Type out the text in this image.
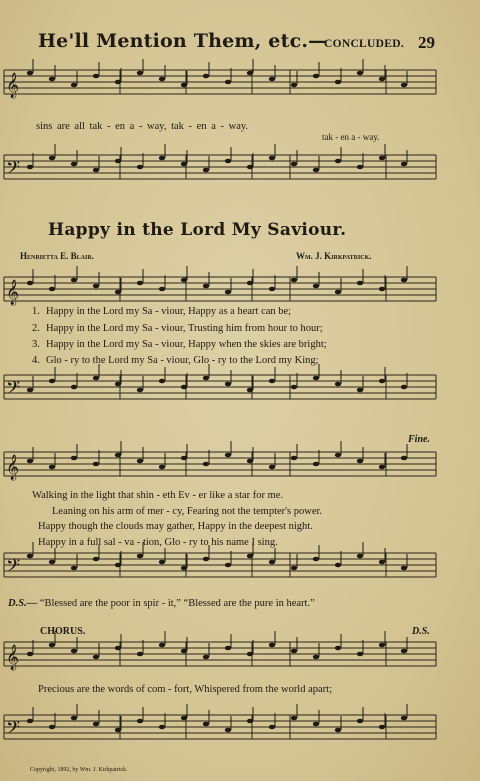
He'll Mention Them, etc.—
CONCLUDED. 29
𝄞
𝄢
𝄞
𝄢
𝄞
𝄢
𝄞
𝄢
sins are all tak - en a - way, tak - en a - way.
tak - en a - way.
Happy in the Lord My Saviour.
Henrietta E. Blair.	Wm. J. Kirkpatrick.
1. Happy in the Lord my Sa - viour, Happy as a heart can be;
2. Happy in the Lord my Sa - viour, Trusting him from hour to hour;
3. Happy in the Lord my Sa - viour, Happy when the skies are bright;
4. Glo - ry to the Lord my Sa - viour, Glo - ry to the Lord my King;
Fine.
Walking in the light that shin - eth Ev - er like a star for me.
Leaning on his arm of mer - cy, Fearing not the tempter's power.
Happy though the clouds may gather, Happy in the deepest night.
Happy in a full sal - va - tion, Glo - ry to his name I sing.
D.S.— “Blessed are the poor in spir - it,” “Blessed are the pure in heart.”
CHORUS.	D.S.
Precious are the words of com - fort, Whispered from the world apart;
Copyright, 1892, by Wm. J. Kirkpatrick.
